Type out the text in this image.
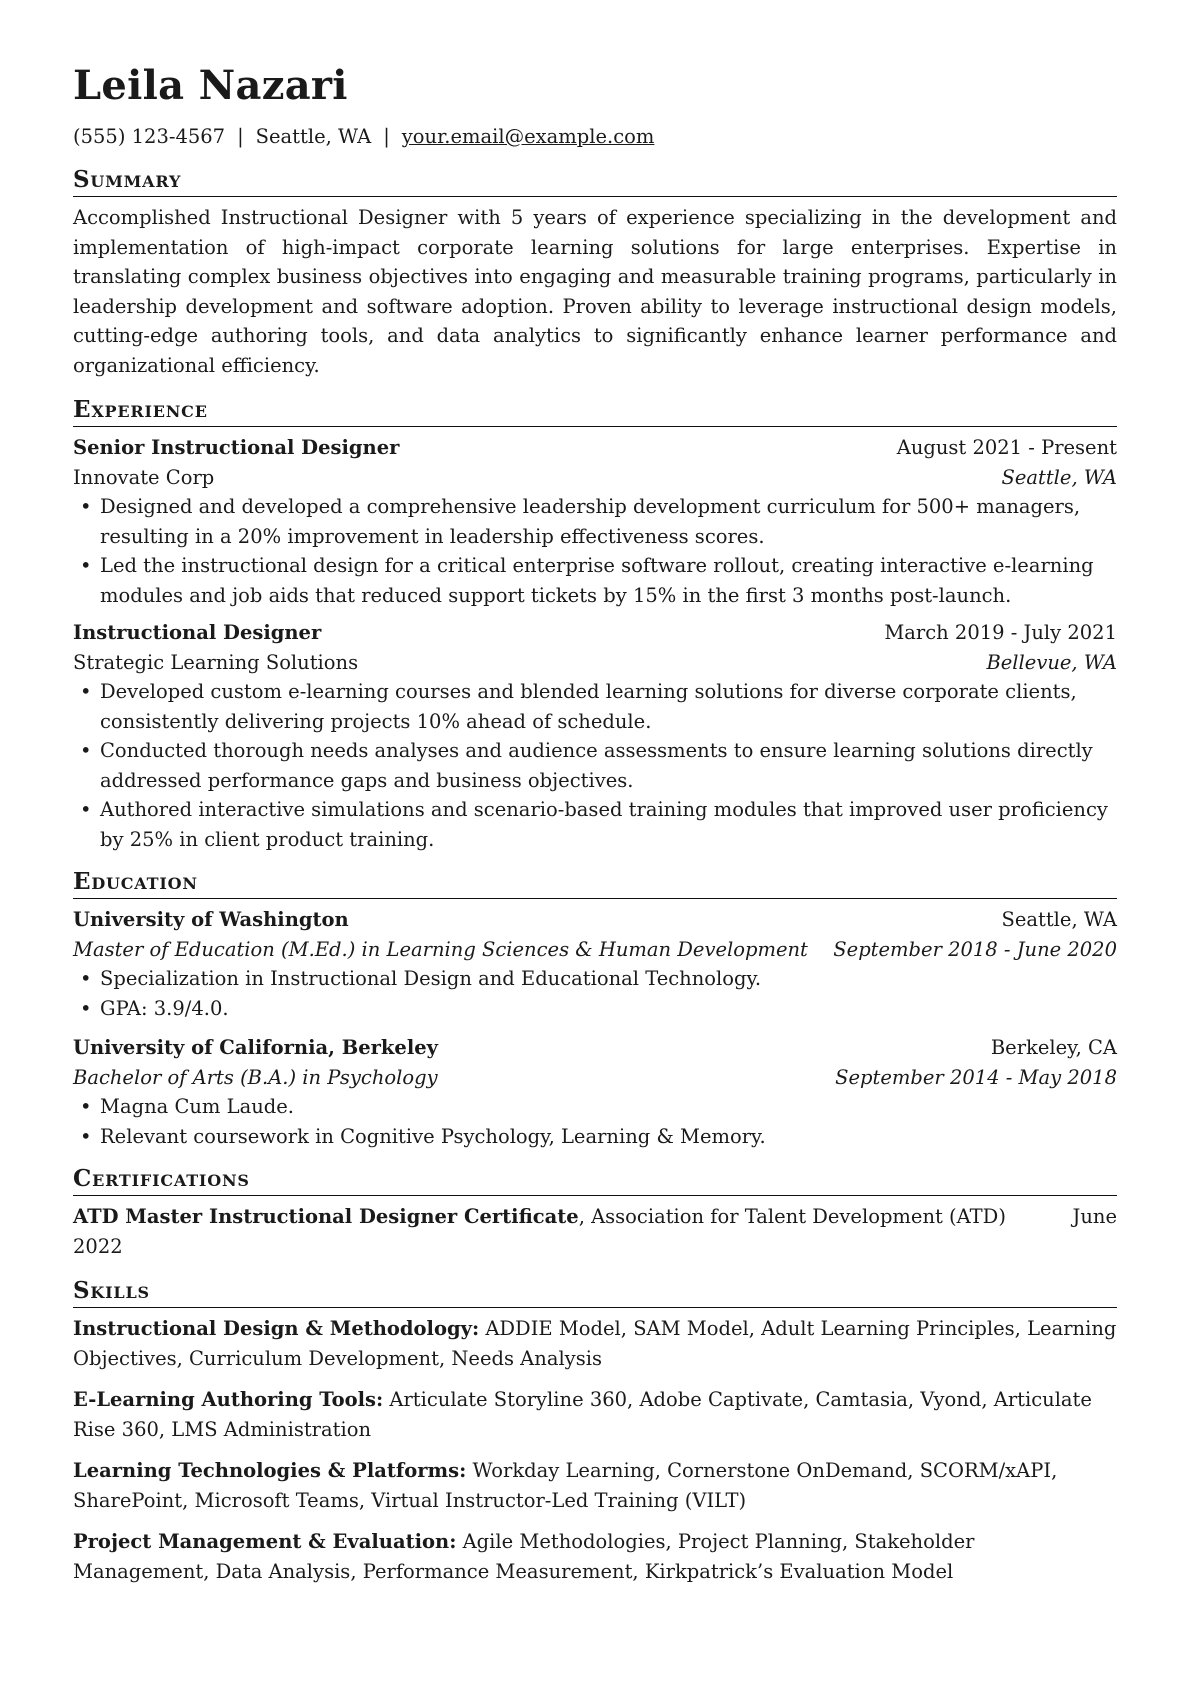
Leila Nazari
(555) 123-4567 | Seattle, WA | your.email@example.com
Summary
Accomplished Instructional Designer with 5 years of experience specializing in the development and implementation of high-impact corporate learning solutions for large enterprises. Expertise in translating complex business objectives into engaging and measurable training programs, particularly in leadership development and software adoption. Proven ability to leverage instructional design models, cutting-edge authoring tools, and data analytics to significantly enhance learner performance and organizational efficiency.
Experience
Senior Instructional Designer	August 2021 - Present
Innovate Corp	Seattle, WA
• Designed and developed a comprehensive leadership development curriculum for 500+ managers, resulting in a 20% improvement in leadership effectiveness scores.
• Led the instructional design for a critical enterprise software rollout, creating interactive e-learning modules and job aids that reduced support tickets by 15% in the first 3 months post-launch.
Instructional Designer	March 2019 - July 2021
Strategic Learning Solutions	Bellevue, WA
• Developed custom e-learning courses and blended learning solutions for diverse corporate clients, consistently delivering projects 10% ahead of schedule.
• Conducted thorough needs analyses and audience assessments to ensure learning solutions directly addressed performance gaps and business objectives.
• Authored interactive simulations and scenario-based training modules that improved user proficiency by 25% in client product training.
Education
University of Washington	Seattle, WA
Master of Education (M.Ed.) in Learning Sciences & Human Development September 2018 - June 2020
• Specialization in Instructional Design and Educational Technology.
• GPA: 3.9/4.0.
University of California, Berkeley	Berkeley, CA
Bachelor of Arts (B.A.) in Psychology	September 2014 - May 2018
• Magna Cum Laude.
• Relevant coursework in Cognitive Psychology, Learning & Memory.
Certifications
ATD Master Instructional Designer Certificate, Association for Talent Development (ATD)	June
2022
Skills
Instructional Design & Methodology: ADDIE Model, SAM Model, Adult Learning Principles, Learning Objectives, Curriculum Development, Needs Analysis
E-Learning Authoring Tools: Articulate Storyline 360, Adobe Captivate, Camtasia, Vyond, Articulate Rise 360, LMS Administration
Learning Technologies & Platforms: Workday Learning, Cornerstone OnDemand, SCORM/xAPI, SharePoint, Microsoft Teams, Virtual Instructor-Led Training (VILT)
Project Management & Evaluation: Agile Methodologies, Project Planning, Stakeholder Management, Data Analysis, Performance Measurement, Kirkpatrick’s Evaluation Model
